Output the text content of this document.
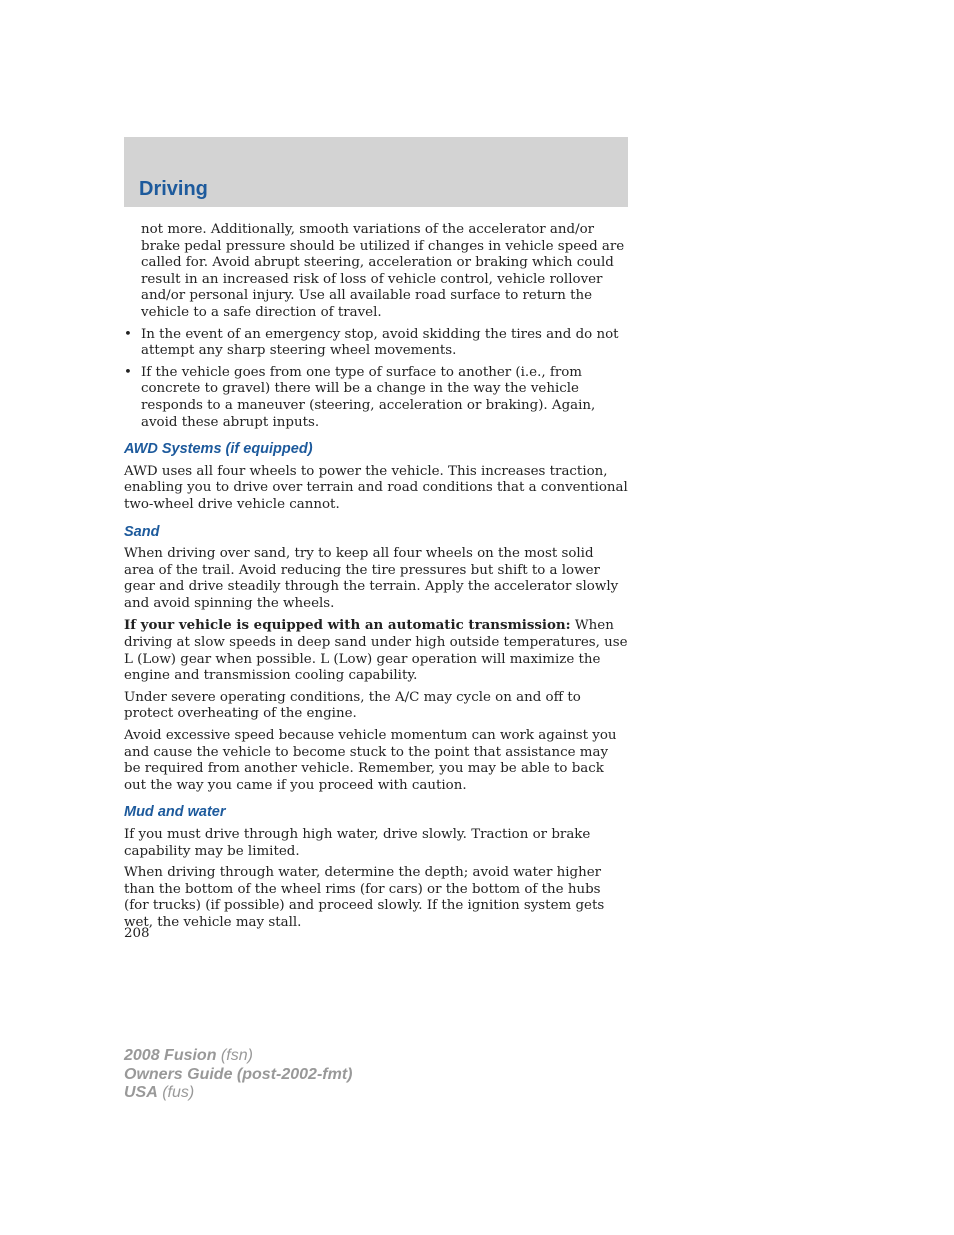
Driving

not more. Additionally, smooth variations of the accelerator and/or brake pedal pressure should be utilized if changes in vehicle speed are called for. Avoid abrupt steering, acceleration or braking which could result in an increased risk of loss of vehicle control, vehicle rollover and/or personal injury. Use all available road surface to return the vehicle to a safe direction of travel.

• In the event of an emergency stop, avoid skidding the tires and do not attempt any sharp steering wheel movements.
• If the vehicle goes from one type of surface to another (i.e., from concrete to gravel) there will be a change in the way the vehicle responds to a maneuver (steering, acceleration or braking). Again, avoid these abrupt inputs.
AWD Systems (if equipped)

AWD uses all four wheels to power the vehicle. This increases traction, enabling you to drive over terrain and road conditions that a conventional two-wheel drive vehicle cannot.

Sand

When driving over sand, try to keep all four wheels on the most solid area of the trail. Avoid reducing the tire pressures but shift to a lower gear and drive steadily through the terrain. Apply the accelerator slowly and avoid spinning the wheels.

If your vehicle is equipped with an automatic transmission: When driving at slow speeds in deep sand under high outside temperatures, use L (Low) gear when possible. L (Low) gear operation will maximize the engine and transmission cooling capability.

Under severe operating conditions, the A/C may cycle on and off to protect overheating of the engine.

Avoid excessive speed because vehicle momentum can work against you and cause the vehicle to become stuck to the point that assistance may be required from another vehicle. Remember, you may be able to back out the way you came if you proceed with caution.

Mud and water

If you must drive through high water, drive slowly. Traction or brake capability may be limited.

When driving through water, determine the depth; avoid water higher than the bottom of the wheel rims (for cars) or the bottom of the hubs (for trucks) (if possible) and proceed slowly. If the ignition system gets wet, the vehicle may stall.

208
2008 Fusion (fsn)
Owners Guide (post-2002-fmt)
USA (fus)
